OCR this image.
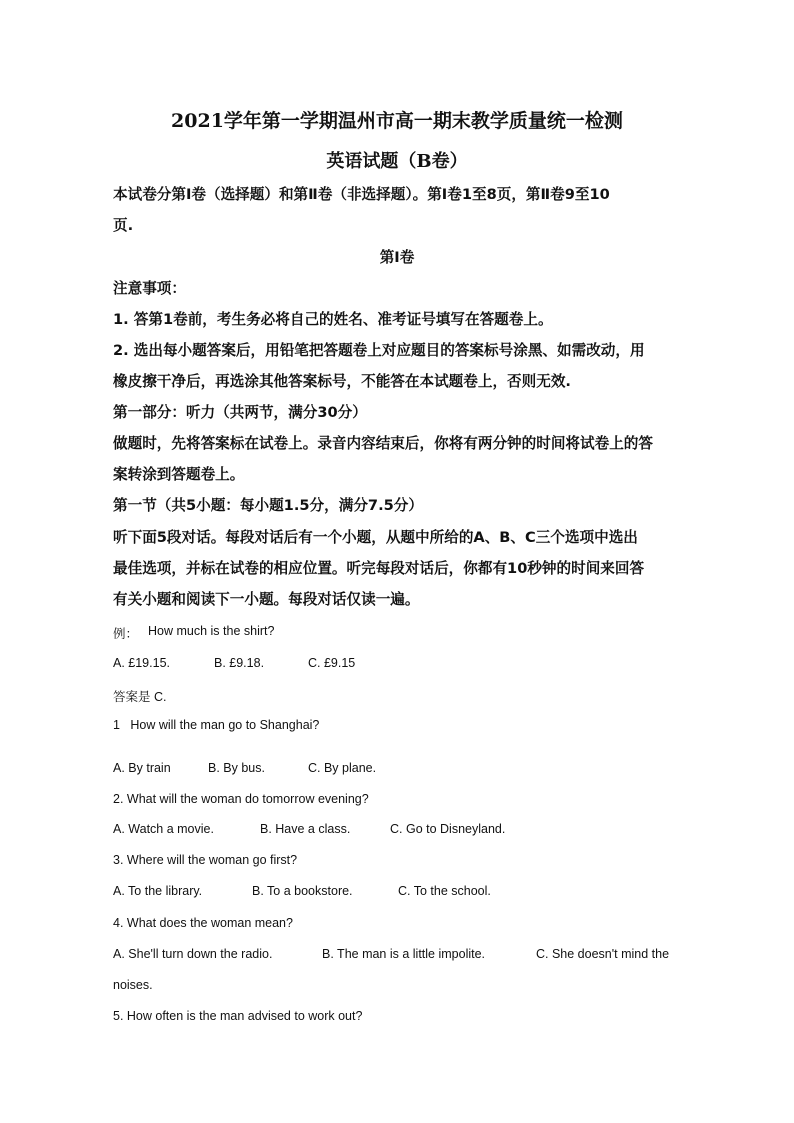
2021学年第一学期温州市高一期末教学质量统一检测
英语试题（B卷）
本试卷分第Ⅰ卷（选择题）和第Ⅱ卷（非选择题）。第Ⅰ卷1至8页，第Ⅱ卷9至10
页.
第Ⅰ卷
注意事项：
1. 答第1卷前，考生务必将自己的姓名、准考证号填写在答题卷上。
2. 选出每小题答案后，用铅笔把答题卷上对应题目的答案标号涂黑、如需改动，用
橡皮擦干净后，再选涂其他答案标号，不能答在本试题卷上，否则无效.
第一部分：听力（共两节，满分30分）
做题时，先将答案标在试卷上。录音内容结束后，你将有两分钟的时间将试卷上的答
案转涂到答题卷上。
第一节（共5小题：每小题1.5分，满分7.5分）
听下面5段对话。每段对话后有一个小题，从题中所给的A、B、C三个选项中选出
最佳选项，并标在试卷的相应位置。听完每段对话后，你都有10秒钟的时间来回答
有关小题和阅读下一小题。每段对话仅读一遍。
例： How much is the shirt?
A. £19.15.	B. £9.18.	C. £9.15
答案是 C.
1   How will the man go to Shanghai?
A. By train	B. By bus.	C. By plane.
2. What will the woman do tomorrow evening?
A. Watch a movie.	B. Have a class.	C. Go to Disneyland.
3. Where will the woman go first?
A. To the library.	B. To a bookstore.	C. To the school.
4. What does the woman mean?
A. She'll turn down the radio.	B. The man is a little impolite.	C. She doesn't mind the
noises.
5. How often is the man advised to work out?
